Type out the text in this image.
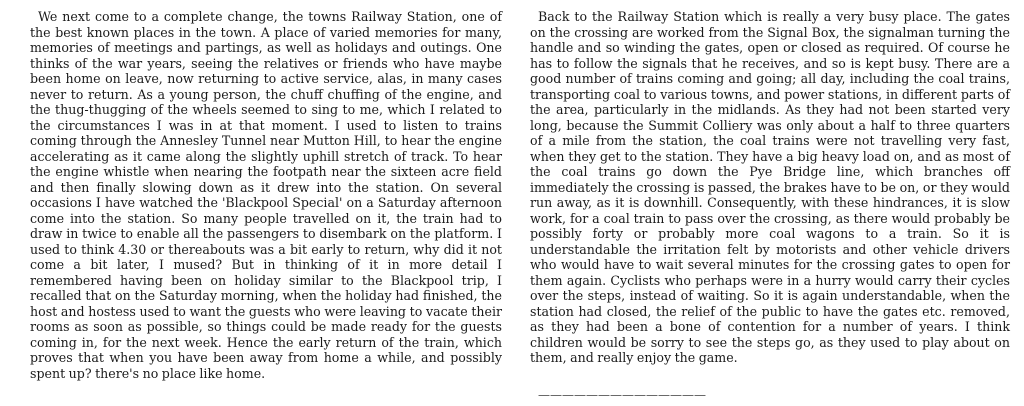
We next come to a complete change, the towns Railway Station, one of the best known places in the town. A place of varied memories for many, memories of meetings and partings, as well as holidays and outings. One thinks of the war years, seeing the relatives or friends who have maybe been home on leave, now returning to active service, alas, in many cases never to return. As a young person, the chuff chuffing of the engine, and the thug-thugging of the wheels seemed to sing to me, which I related to the circumstances I was in at that moment. I used to listen to trains coming through the Annesley Tunnel near Mutton Hill, to hear the engine accelerating as it came along the slightly uphill stretch of track. To hear the engine whistle when nearing the footpath near the sixteen acre field and then finally slowing down as it drew into the station. On several occasions I have watched the 'Blackpool Special' on a Saturday afternoon come into the station. So many people travelled on it, the train had to draw in twice to enable all the passengers to disembark on the platform. I used to think 4.30 or thereabouts was a bit early to return, why did it not come a bit later, I mused? But in thinking of it in more detail I remembered having been on holiday similar to the Blackpool trip, I recalled that on the Saturday morning, when the holiday had finished, the host and hostess used to want the guests who were leaving to vacate their rooms as soon as possible, so things could be made ready for the guests coming in, for the next week. Hence the early return of the train, which proves that when you have been away from home a while, and possibly spent up? there's no place like home.

Back to the Railway Station which is really a very busy place. The gates on the crossing are worked from the Signal Box, the signalman turning the handle and so winding the gates, open or closed as required. Of course he has to follow the signals that he receives, and so is kept busy. There are a good number of trains coming and going; all day, including the coal trains, transporting coal to various towns, and power stations, in different parts of the area, particularly in the midlands. As they had not been started very long, because the Summit Colliery was only about a half to three quarters of a mile from the station, the coal trains were not travelling very fast, when they get to the station. They have a big heavy load on, and as most of the coal trains go down the Pye Bridge line, which branches off immediately the crossing is passed, the brakes have to be on, or they would run away, as it is downhill. Consequently, with these hindrances, it is slow work, for a coal train to pass over the crossing, as there would probably be possibly forty or probably more coal wagons to a train. So it is understandable the irritation felt by motorists and other vehicle drivers who would have to wait several minutes for the crossing gates to open for them again. Cyclists who perhaps were in a hurry would carry their cycles over the steps, instead of waiting. So it is again understandable, when the station had closed, the relief of the public to have the gates etc. removed, as they had been a bone of contention for a number of years. I think children would be sorry to see the steps go, as they used to play about on them, and really enjoy the game.

——————————————
